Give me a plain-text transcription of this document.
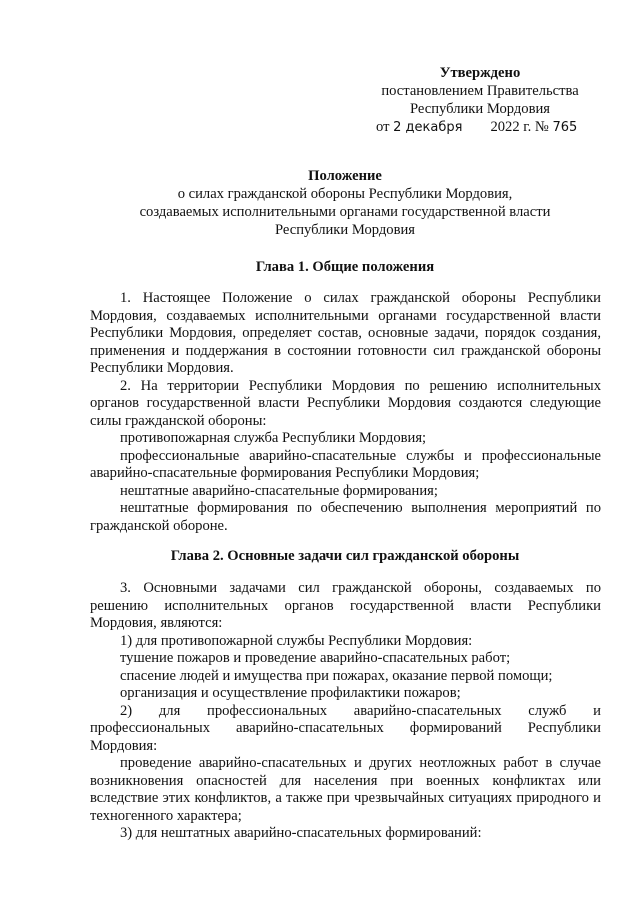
Утверждено
постановлением Правительства
Республики Мордовия
от 2 декабря 2022 г. № 765
Положение
о силах гражданской обороны Республики Мордовия,
создаваемых исполнительными органами государственной власти
Республики Мордовия
Глава 1. Общие положения

1. Настоящее Положение о силах гражданской обороны Республики Мордовия, создаваемых исполнительными органами государственной власти Республики Мордовия, определяет состав, основные задачи, порядок создания, применения и поддержания в состоянии готовности сил гражданской обороны Республики Мордовия.

2. На территории Республики Мордовия по решению исполнительных органов государственной власти Республики Мордовия создаются следующие силы гражданской обороны:

противопожарная служба Республики Мордовия;

профессиональные аварийно-спасательные службы и профессиональные аварийно-спасательные формирования Республики Мордовия;

нештатные аварийно-спасательные формирования;

нештатные формирования по обеспечению выполнения мероприятий по гражданской обороне.

Глава 2. Основные задачи сил гражданской обороны

3. Основными задачами сил гражданской обороны, создаваемых по решению исполнительных органов государственной власти Республики Мордовия, являются:

1) для противопожарной службы Республики Мордовия:

тушение пожаров и проведение аварийно-спасательных работ;

спасение людей и имущества при пожарах, оказание первой помощи;

организация и осуществление профилактики пожаров;

2) для профессиональных аварийно-спасательных служб и профессиональных аварийно-спасательных формирований Республики Мордовия:

проведение аварийно-спасательных и других неотложных работ в случае возникновения опасностей для населения при военных конфликтах или вследствие этих конфликтов, а также при чрезвычайных ситуациях природного и техногенного характера;

3) для нештатных аварийно-спасательных формирований:
